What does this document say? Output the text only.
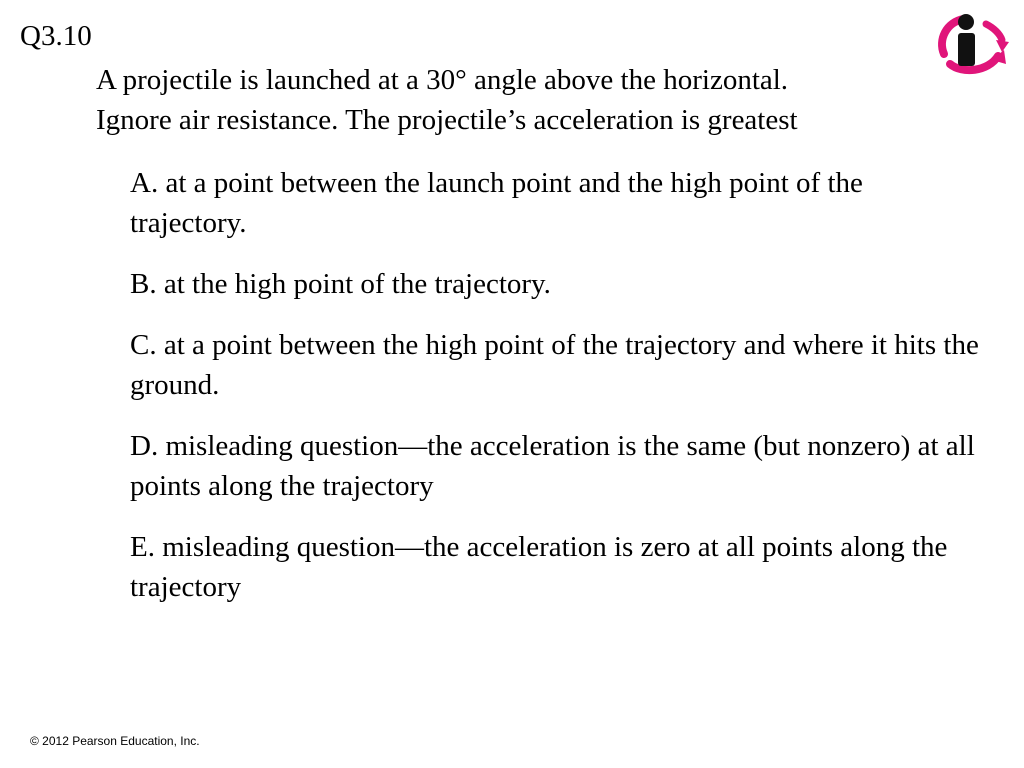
Q3.10
A projectile is launched at a 30° angle above the horizontal.
Ignore air resistance. The projectile’s acceleration is greatest
A. at a point between the launch point and the high point of the trajectory.
B. at the high point of the trajectory.
C. at a point between the high point of the trajectory and where it hits the ground.
D. misleading question—the acceleration is the same (but nonzero) at all points along the trajectory
E. misleading question—the acceleration is zero at all points along the trajectory
© 2012 Pearson Education, Inc.
